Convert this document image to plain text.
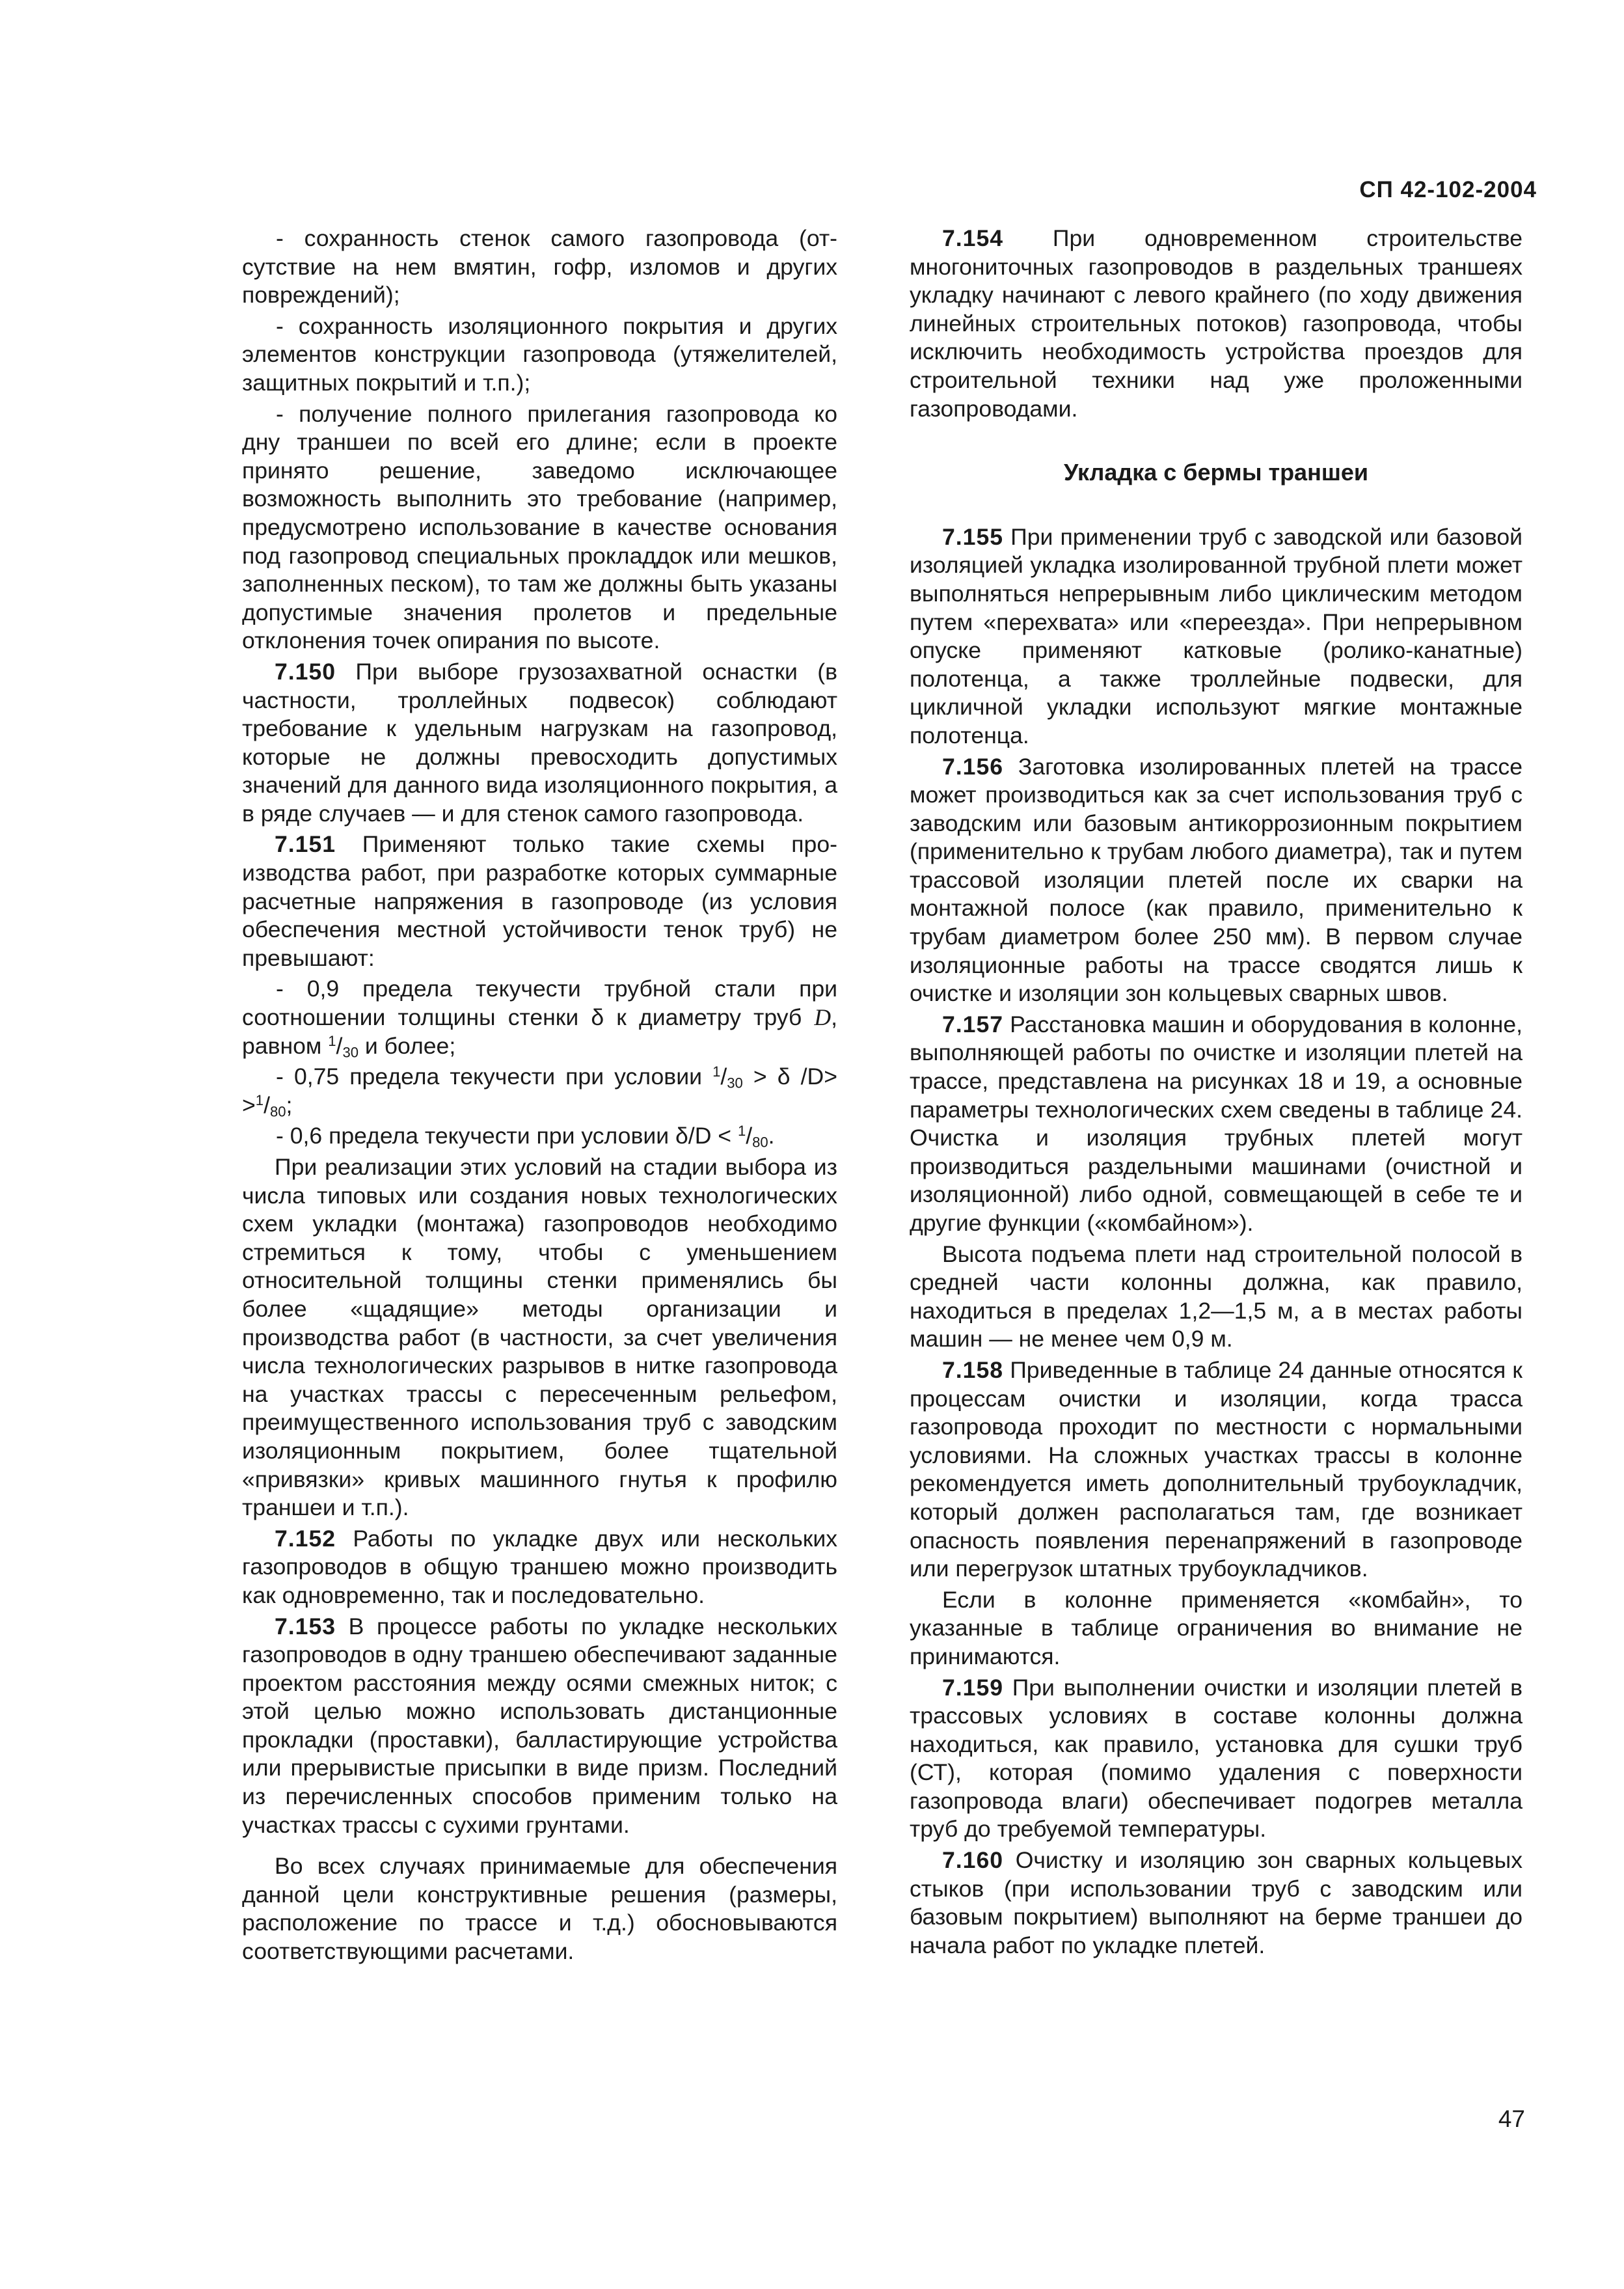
СП 42-102-2004

- сохранность стенок самого газопровода (отсутствие на нем вмятин, гофр, изломов и других повреждений);

- сохранность изоляционного покрытия и других элементов конструкции газопровода (утяжелителей, защитных покрытий и т.п.);

- получение полного прилегания газопровода ко дну траншеи по всей его длине; если в проекте принято решение, заведомо исключающее возможность выполнить это требование (например, предусмотрено использование в качестве основания под газопровод специальных прокладдок или мешков, заполненных песком), то там же должны быть указаны допустимые значения пролетов и предельные отклонения точек опирания по высоте.

7.150 При выборе грузозахватной оснастки (в частности, троллейных подвесок) соблюдают требование к удельным нагрузкам на газопровод, которые не должны превосходить допустимых значений для данного вида изоляционного покрытия, а в ряде случаев — и для стенок самого газопровода.

7.151 Применяют только такие схемы производства работ, при разработке которых суммарные расчетные напряжения в газопроводе (из условия обеспечения местной устойчивости тенок труб) не превышают:

- 0,9 предела текучести трубной стали при соотношении толщины стенки δ к диаметру труб D, равном $^1/_{30}$ и более;

- 0,75 предела текучести при условии $^1/_{30} > \delta$ $/D> >^1/_{80}$;

- 0,6 предела текучести при условии $\delta/D < ^1/_{80}$.

При реализации этих условий на стадии выбора из числа типовых или создания новых технологических схем укладки (монтажа) газопроводов необходимо стремиться к тому, чтобы с уменьшением относительной толщины стенки применялись бы более «щадящие» методы организации и производства работ (в частности, за счет увеличения числа технологических разрывов в нитке газопровода на участках трассы с пересеченным рельефом, преимущественного использования труб с заводским изоляционным покрытием, более тщательной «привязки» кривых машинного гнутья к профилю траншеи и т.п.).

7.152 Работы по укладке двух или нескольких газопроводов в общую траншею можно производить как одновременно, так и последовательно.

7.153 В процессе работы по укладке нескольких газопроводов в одну траншею обеспечивают заданные проектом расстояния между осями смежных ниток; с этой целью можно использовать дистанционные прокладки (проставки), балластирующие устройства или прерывистые присыпки в виде призм. Последний из перечисленных способов применим только на участках трассы с сухими грунтами.

Во всех случаях принимаемые для обеспечения данной цели конструктивные решения (размеры, расположение по трассе и т.д.) обосновываются соответствующими расчетами.

7.154 При одновременном строительстве многониточных газопроводов в раздельных траншеях укладку начинают с левого крайнего (по ходу движения линейных строительных потоков) газопровода, чтобы исключить необходимость устройства проездов для строительной техники над уже проложенными газопроводами.

Укладка с бермы траншеи

7.155 При применении труб с заводской или базовой изоляцией укладка изолированной трубной плети может выполняться непрерывным либо циклическим методом путем «перехвата» или «переезда». При непрерывном опуске применяют катковые (ролико-канатные) полотенца, а также троллейные подвески, для цикличной укладки используют мягкие монтажные полотенца.

7.156 Заготовка изолированных плетей на трассе может производиться как за счет использования труб с заводским или базовым антикоррозионным покрытием (применительно к трубам любого диаметра), так и путем трассовой изоляции плетей после их сварки на монтажной полосе (как правило, применительно к трубам диаметром более 250 мм). В первом случае изоляционные работы на трассе сводятся лишь к очистке и изоляции зон кольцевых сварных швов.

7.157 Расстановка машин и оборудования в колонне, выполняющей работы по очистке и изоляции плетей на трассе, представлена на рисунках 18 и 19, а основные параметры технологических схем сведены в таблице 24. Очистка и изоляция трубных плетей могут производиться раздельными машинами (очистной и изоляционной) либо одной, совмещающей в себе те и другие функции («комбайном»).

Высота подъема плети над строительной полосой в средней части колонны должна, как правило, находиться в пределах 1,2—1,5 м, а в местах работы машин — не менее чем 0,9 м.

7.158 Приведенные в таблице 24 данные относятся к процессам очистки и изоляции, когда трасса газопровода проходит по местности с нормальными условиями. На сложных участках трассы в колонне рекомендуется иметь дополнительный трубоукладчик, который должен располагаться там, где возникает опасность появления перенапряжений в газопроводе или перегрузок штатных трубоукладчиков.

Если в колонне применяется «комбайн», то указанные в таблице ограничения во внимание не принимаются.

7.159 При выполнении очистки и изоляции плетей в трассовых условиях в составе колонны должна находиться, как правило, установка для сушки труб (СТ), которая (помимо удаления с поверхности газопровода влаги) обеспечивает подогрев металла труб до требуемой температуры.

7.160 Очистку и изоляцию зон сварных кольцевых стыков (при использовании труб с заводским или базовым покрытием) выполняют на берме траншеи до начала работ по укладке плетей.

47
